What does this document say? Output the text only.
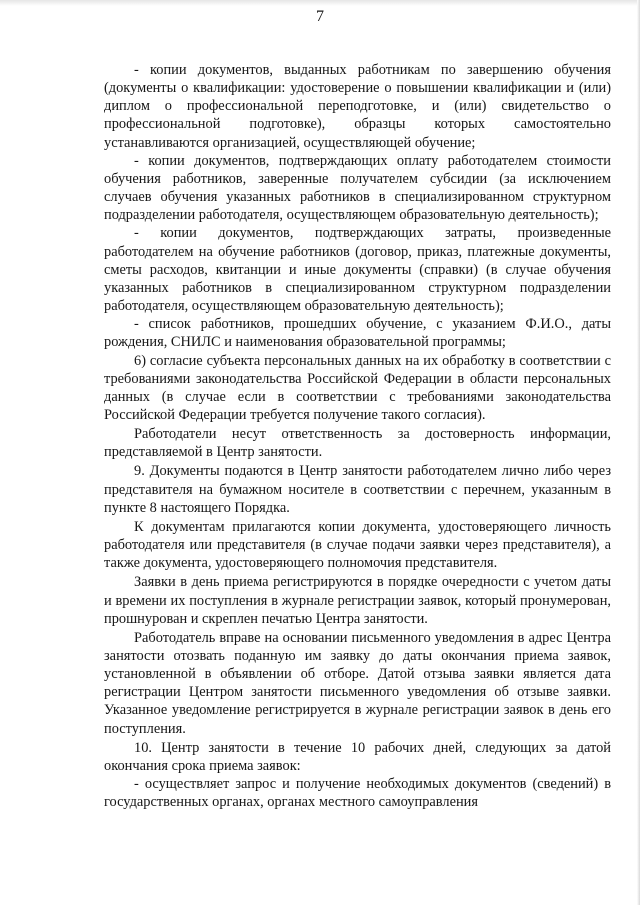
7

- копии документов, выданных работникам по завершению обучения (документы о квалификации: удостоверение о повышении квалификации и (или) диплом о профессиональной переподготовке, и (или) свидетельство о профессиональной подготовке), образцы которых самостоятельно устанавливаются организацией, осуществляющей обучение;

- копии документов, подтверждающих оплату работодателем стоимости обучения работников, заверенные получателем субсидии (за исключением случаев обучения указанных работников в специализированном структурном подразделении работодателя, осуществляющем образовательную деятельность);

- копии документов, подтверждающих затраты, произведенные работодателем на обучение работников (договор, приказ, платежные документы, сметы расходов, квитанции и иные документы (справки) (в случае обучения указанных работников в специализированном структурном подразделении работодателя, осуществляющем образовательную деятельность);

- список работников, прошедших обучение, с указанием Ф.И.О., даты рождения, СНИЛС и наименования образовательной программы;

6) согласие субъекта персональных данных на их обработку в соответствии с требованиями законодательства Российской Федерации в области персональных данных (в случае если в соответствии с требованиями законодательства Российской Федерации требуется получение такого согласия).

Работодатели несут ответственность за достоверность информации, представляемой в Центр занятости.

9. Документы подаются в Центр занятости работодателем лично либо через представителя на бумажном носителе в соответствии с перечнем, указанным в пункте 8 настоящего Порядка.

К документам прилагаются копии документа, удостоверяющего личность работодателя или представителя (в случае подачи заявки через представителя), а также документа, удостоверяющего полномочия представителя.

Заявки в день приема регистрируются в порядке очередности с учетом даты и времени их поступления в журнале регистрации заявок, который пронумерован, прошнурован и скреплен печатью Центра занятости.

Работодатель вправе на основании письменного уведомления в адрес Центра занятости отозвать поданную им заявку до даты окончания приема заявок, установленной в объявлении об отборе. Датой отзыва заявки является дата регистрации Центром занятости письменного уведомления об отзыве заявки. Указанное уведомление регистрируется в журнале регистрации заявок в день его поступления.

10. Центр занятости в течение 10 рабочих дней, следующих за датой окончания срока приема заявок:

- осуществляет запрос и получение необходимых документов (сведений) в государственных органах, органах местного самоуправления
